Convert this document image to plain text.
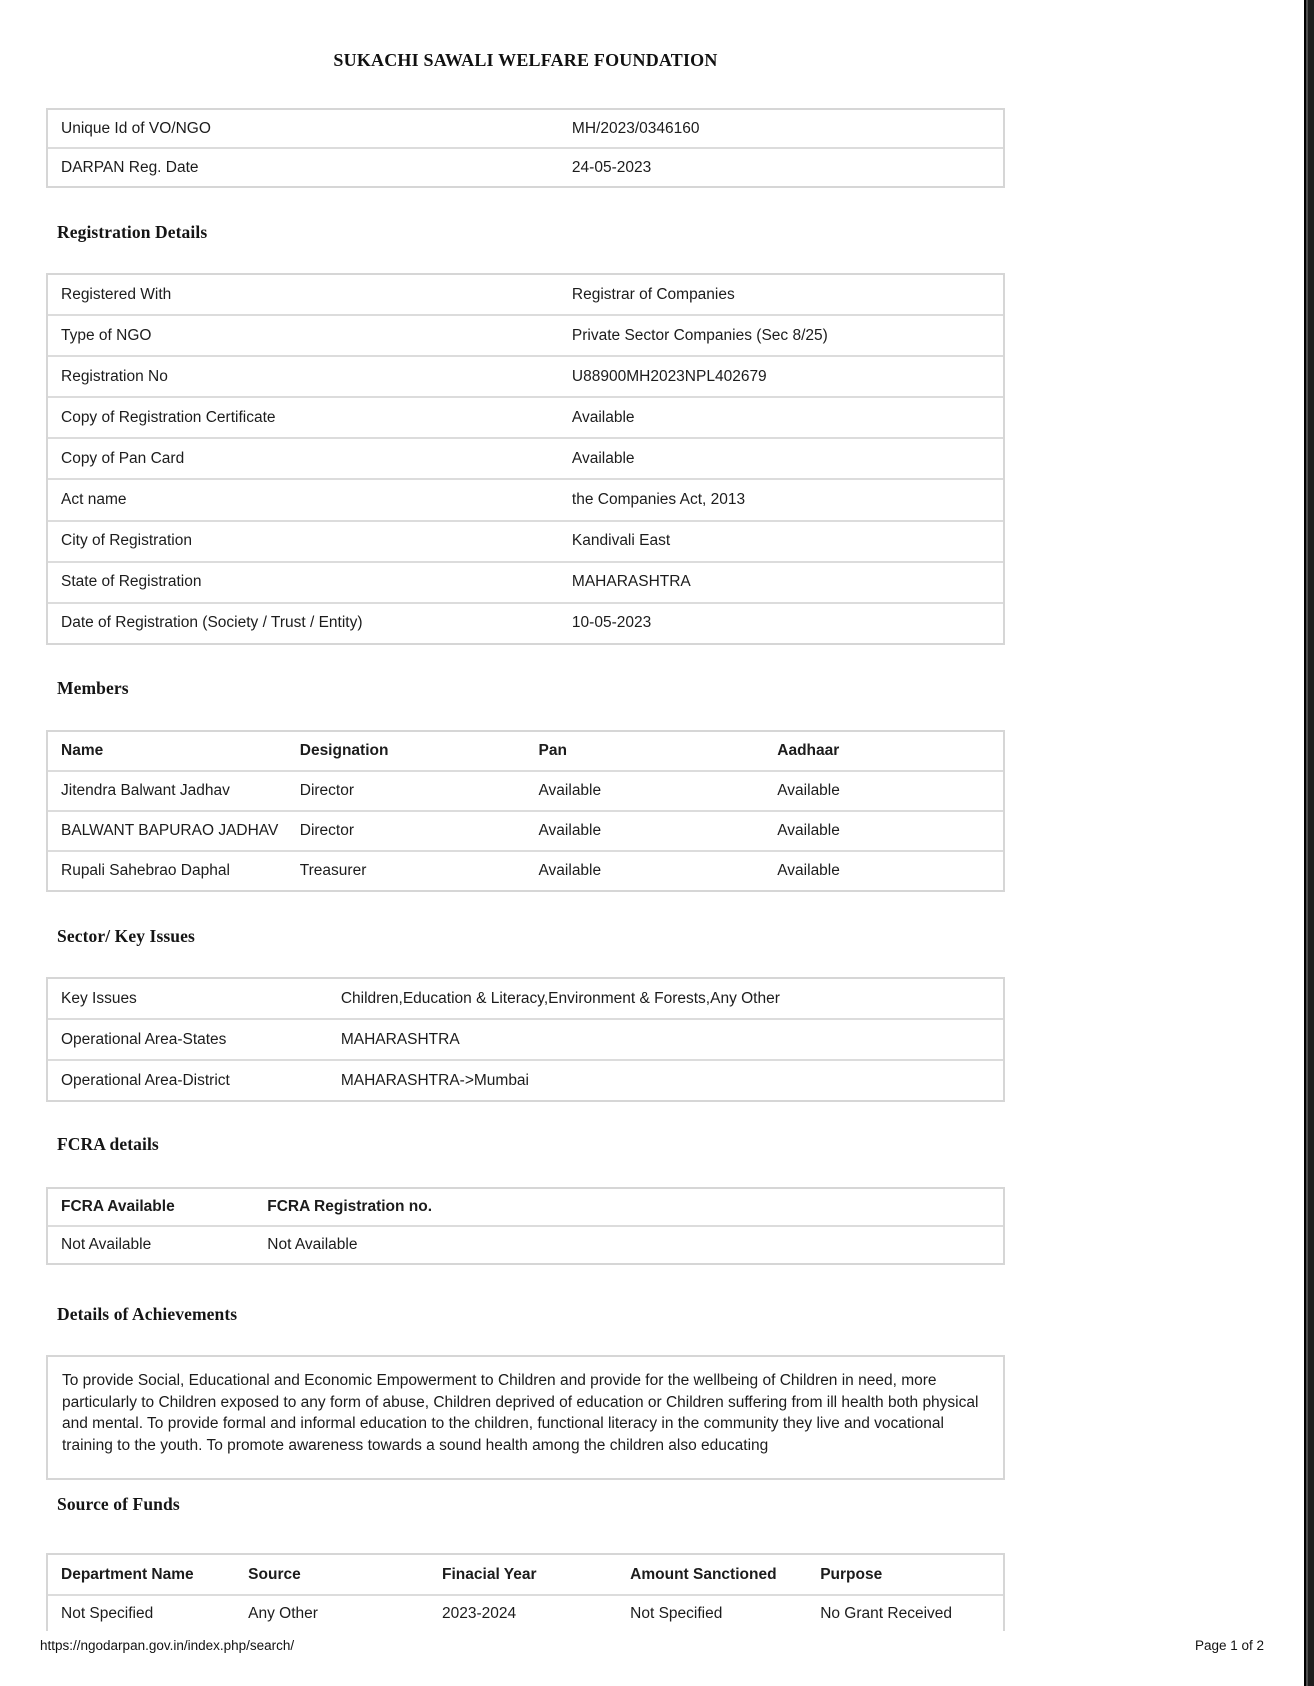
SUKACHI SAWALI WELFARE FOUNDATION
Unique Id of VO/NGO	MH/2023/0346160
DARPAN Reg. Date	24-05-2023
Registration Details
Registered With	Registrar of Companies
Type of NGO	Private Sector Companies (Sec 8/25)
Registration No	U88900MH2023NPL402679
Copy of Registration Certificate	Available
Copy of Pan Card	Available
Act name	the Companies Act, 2013
City of Registration	Kandivali East
State of Registration	MAHARASHTRA
Date of Registration (Society / Trust / Entity)	10-05-2023
Members
Name	Designation	Pan	Aadhaar
Jitendra Balwant Jadhav	Director	Available	Available
BALWANT BAPURAO JADHAV	Director	Available	Available
Rupali Sahebrao Daphal	Treasurer	Available	Available
Sector/ Key Issues
Key Issues	Children,Education & Literacy,Environment & Forests,Any Other
Operational Area-States	MAHARASHTRA
Operational Area-District	MAHARASHTRA->Mumbai
FCRA details
FCRA Available	FCRA Registration no.
Not Available	Not Available
Details of Achievements
To provide Social, Educational and Economic Empowerment to Children and provide for the wellbeing of Children in need, more particularly to Children exposed to any form of abuse, Children deprived of education or Children suffering from ill health both physical and mental. To provide formal and informal education to the children, functional literacy in the community they live and vocational training to the youth. To promote awareness towards a sound health among the children also educating
Source of Funds
Department Name	Source	Finacial Year	Amount Sanctioned	Purpose
Not Specified	Any Other	2023-2024	Not Specified	No Grant Received
https://ngodarpan.gov.in/index.php/search/	Page 1 of 2
